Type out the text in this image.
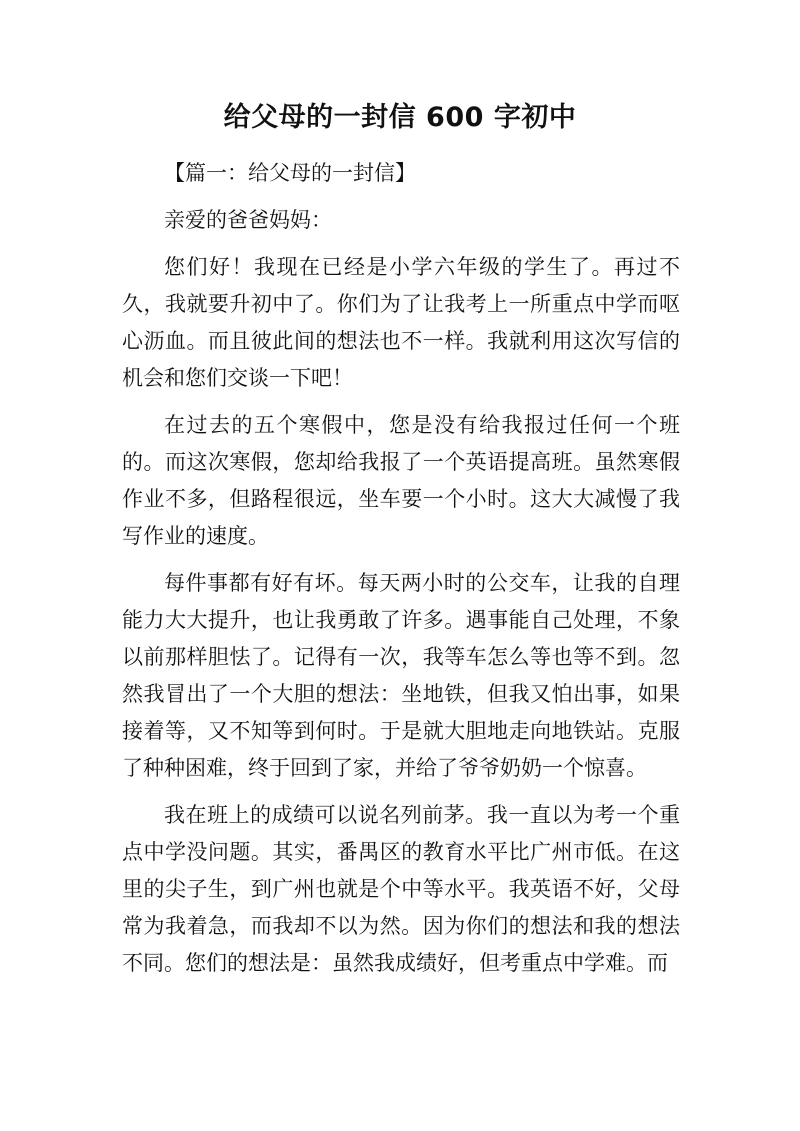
给父母的一封信 600 字初中

【篇一：给父母的一封信】

亲爱的爸爸妈妈：

您们好！我现在已经是小学六年级的学生了。再过不久，我就要升初中了。你们为了让我考上一所重点中学而呕心沥血。而且彼此间的想法也不一样。我就利用这次写信的机会和您们交谈一下吧！

在过去的五个寒假中，您是没有给我报过任何一个班的。而这次寒假，您却给我报了一个英语提高班。虽然寒假作业不多，但路程很远，坐车要一个小时。这大大减慢了我写作业的速度。

每件事都有好有坏。每天两小时的公交车，让我的自理能力大大提升，也让我勇敢了许多。遇事能自己处理，不象以前那样胆怯了。记得有一次，我等车怎么等也等不到。忽然我冒出了一个大胆的想法：坐地铁，但我又怕出事，如果接着等，又不知等到何时。于是就大胆地走向地铁站。克服了种种困难，终于回到了家，并给了爷爷奶奶一个惊喜。

我在班上的成绩可以说名列前茅。我一直以为考一个重点中学没问题。其实，番禺区的教育水平比广州市低。在这里的尖子生，到广州也就是个中等水平。我英语不好，父母常为我着急，而我却不以为然。因为你们的想法和我的想法不同。您们的想法是：虽然我成绩好，但考重点中学难。而
